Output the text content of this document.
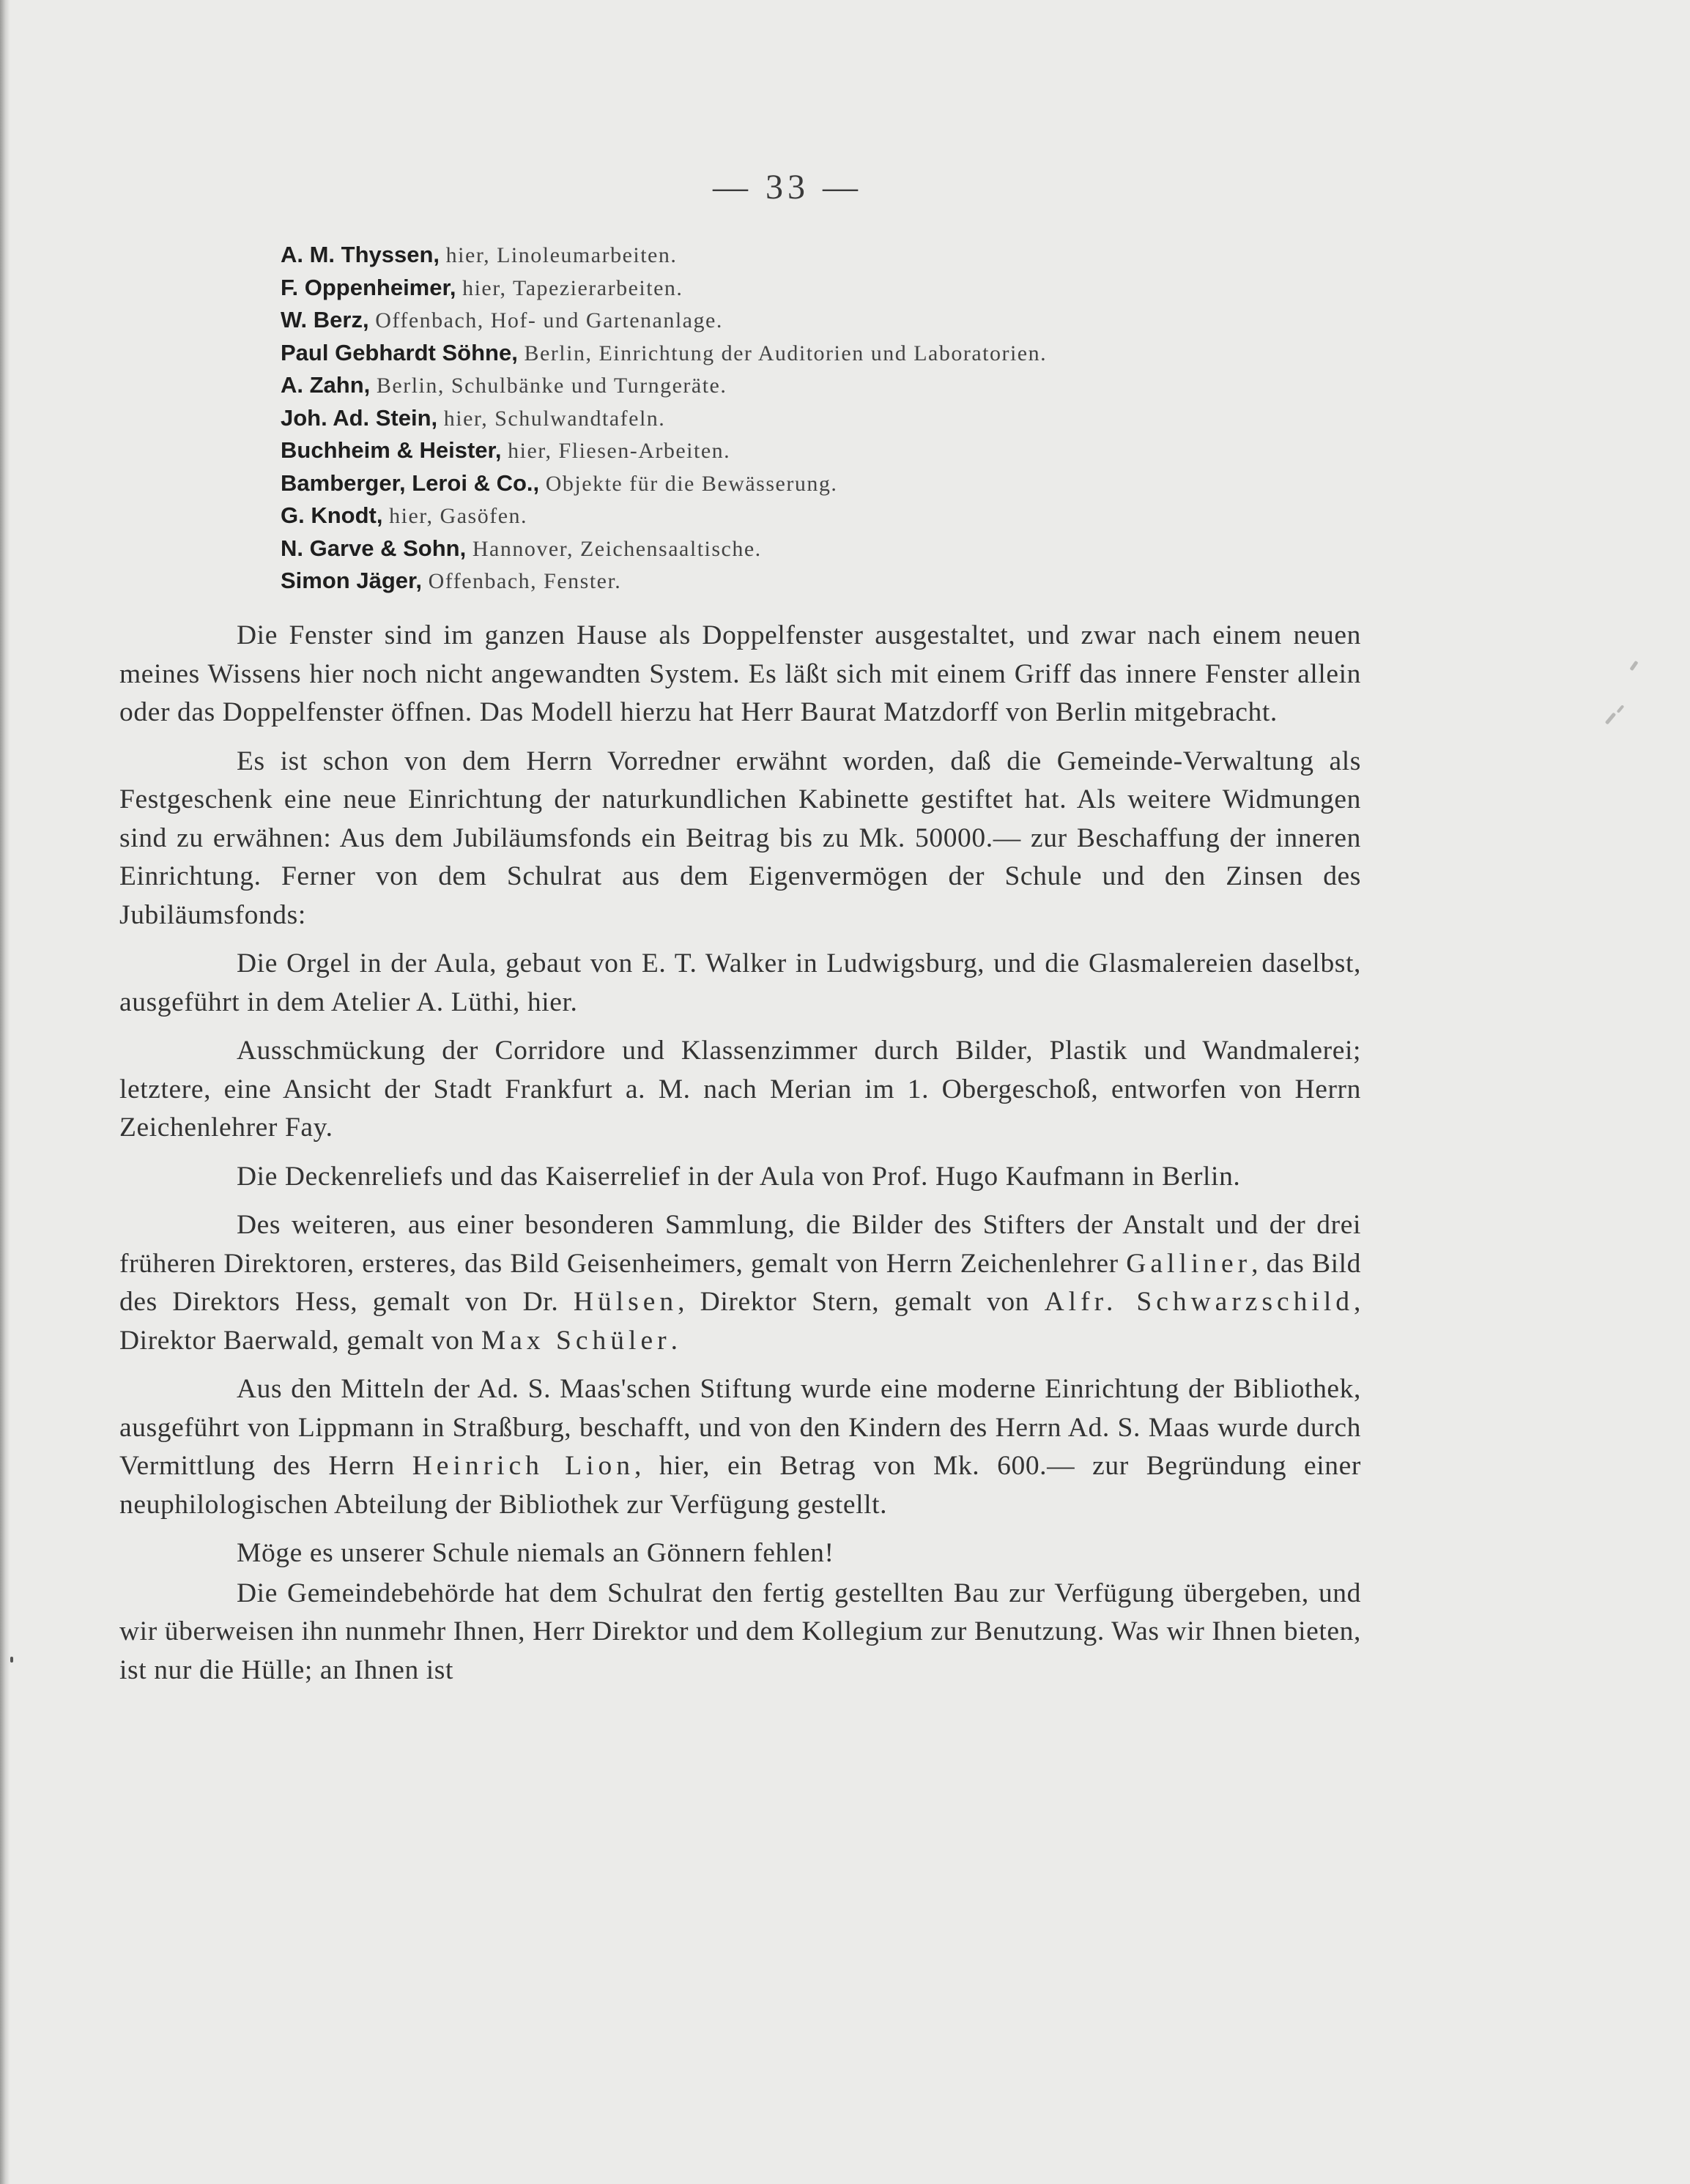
— 33 —
A. M. Thyssen, hier, Linoleumarbeiten.
F. Oppenheimer, hier, Tapezierarbeiten.
W. Berz, Offenbach, Hof- und Gartenanlage.
Paul Gebhardt Söhne, Berlin, Einrichtung der Auditorien und Laboratorien.
A. Zahn, Berlin, Schulbänke und Turngeräte.
Joh. Ad. Stein, hier, Schulwandtafeln.
Buchheim & Heister, hier, Fliesen-Arbeiten.
Bamberger, Leroi & Co., Objekte für die Bewässerung.
G. Knodt, hier, Gasöfen.
N. Garve & Sohn, Hannover, Zeichensaaltische.
Simon Jäger, Offenbach, Fenster.

Die Fenster sind im ganzen Hause als Doppelfenster ausgestaltet, und zwar nach einem neuen meines Wissens hier noch nicht angewandten System. Es läßt sich mit einem Griff das innere Fenster allein oder das Doppelfenster öffnen. Das Modell hierzu hat Herr Baurat Matzdorff von Berlin mitgebracht.

Es ist schon von dem Herrn Vorredner erwähnt worden, daß die Gemeinde-Verwaltung als Festgeschenk eine neue Einrichtung der naturkundlichen Kabinette gestiftet hat. Als weitere Widmungen sind zu erwähnen: Aus dem Jubiläumsfonds ein Beitrag bis zu Mk. 50000.— zur Beschaffung der inneren Einrichtung. Ferner von dem Schulrat aus dem Eigenvermögen der Schule und den Zinsen des Jubiläumsfonds:

Die Orgel in der Aula, gebaut von E. T. Walker in Ludwigsburg, und die Glasmalereien daselbst, ausgeführt in dem Atelier A. Lüthi, hier.

Ausschmückung der Corridore und Klassenzimmer durch Bilder, Plastik und Wandmalerei; letztere, eine Ansicht der Stadt Frankfurt a. M. nach Merian im 1. Obergeschoß, entworfen von Herrn Zeichenlehrer Fay.

Die Deckenreliefs und das Kaiserrelief in der Aula von Prof. Hugo Kaufmann in Berlin.

Des weiteren, aus einer besonderen Sammlung, die Bilder des Stifters der Anstalt und der drei früheren Direktoren, ersteres, das Bild Geisenheimers, gemalt von Herrn Zeichenlehrer Galliner, das Bild des Direktors Hess, gemalt von Dr. Hülsen, Direktor Stern, gemalt von Alfr. Schwarzschild, Direktor Baerwald, gemalt von Max Schüler.

Aus den Mitteln der Ad. S. Maas'schen Stiftung wurde eine moderne Einrichtung der Bibliothek, ausgeführt von Lippmann in Straßburg, beschafft, und von den Kindern des Herrn Ad. S. Maas wurde durch Vermittlung des Herrn Heinrich Lion, hier, ein Betrag von Mk. 600.— zur Begründung einer neuphilologischen Abteilung der Bibliothek zur Verfügung gestellt.

Möge es unserer Schule niemals an Gönnern fehlen!

Die Gemeindebehörde hat dem Schulrat den fertig gestellten Bau zur Verfügung übergeben, und wir überweisen ihn nunmehr Ihnen, Herr Direktor und dem Kollegium zur Benutzung. Was wir Ihnen bieten, ist nur die Hülle; an Ihnen ist
